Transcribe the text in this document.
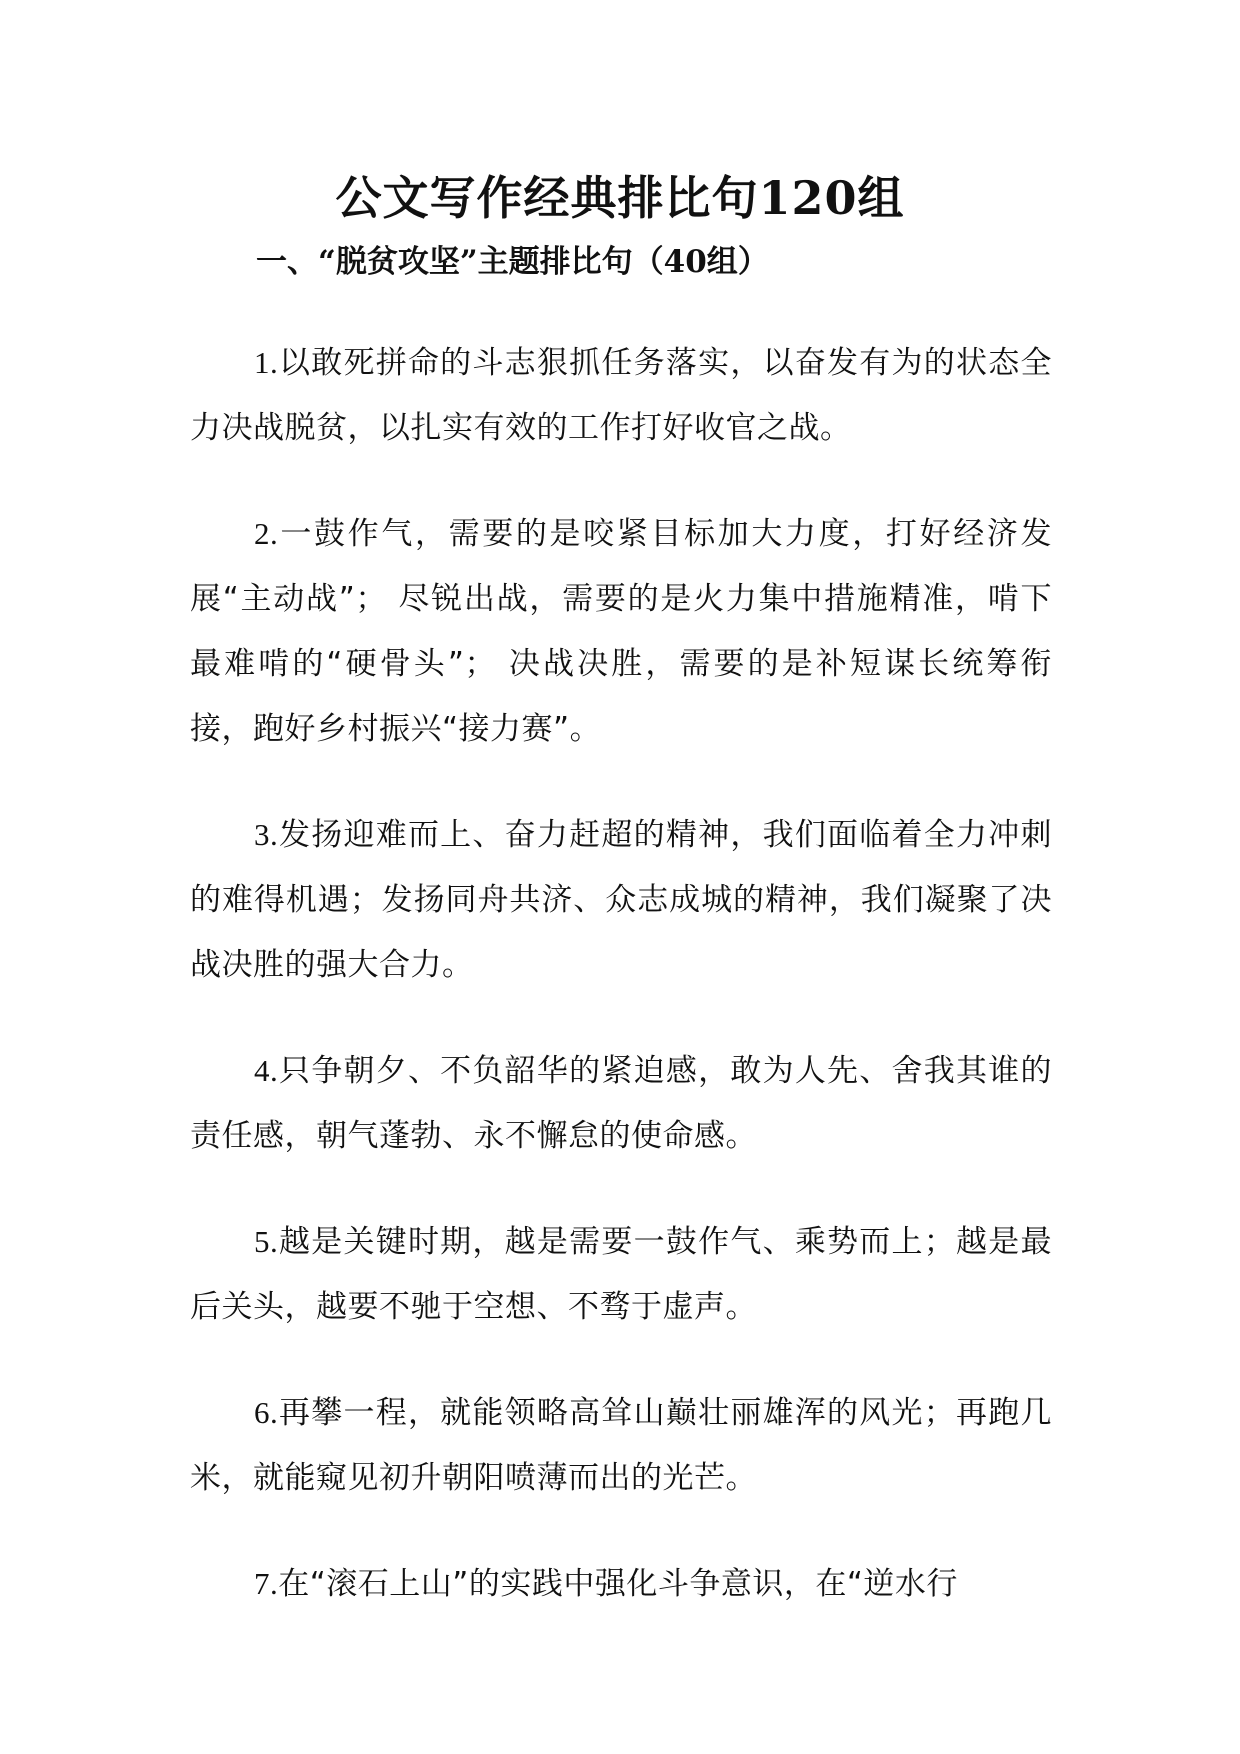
公文写作经典排比句120组
一、“脱贫攻坚”主题排比句（40组）

1.以敢死拼命的斗志狠抓任务落实，以奋发有为的状态全力决战脱贫，以扎实有效的工作打好收官之战。

2.一鼓作气，需要的是咬紧目标加大力度，打好经济发展“主动战”； 尽锐出战，需要的是火力集中措施精准，啃下最难啃的“硬骨头”； 决战决胜，需要的是补短谋长统筹衔接，跑好乡村振兴“接力赛”。

3.发扬迎难而上、奋力赶超的精神，我们面临着全力冲刺的难得机遇；发扬同舟共济、众志成城的精神，我们凝聚了决战决胜的强大合力。

4.只争朝夕、不负韶华的紧迫感，敢为人先、舍我其谁的责任感，朝气蓬勃、永不懈怠的使命感。

5.越是关键时期，越是需要一鼓作气、乘势而上；越是最后关头，越要不驰于空想、不骛于虚声。

6.再攀一程，就能领略高耸山巅壮丽雄浑的风光；再跑几米，就能窥见初升朝阳喷薄而出的光芒。

7.在“滚石上山”的实践中强化斗争意识，在“逆水行
